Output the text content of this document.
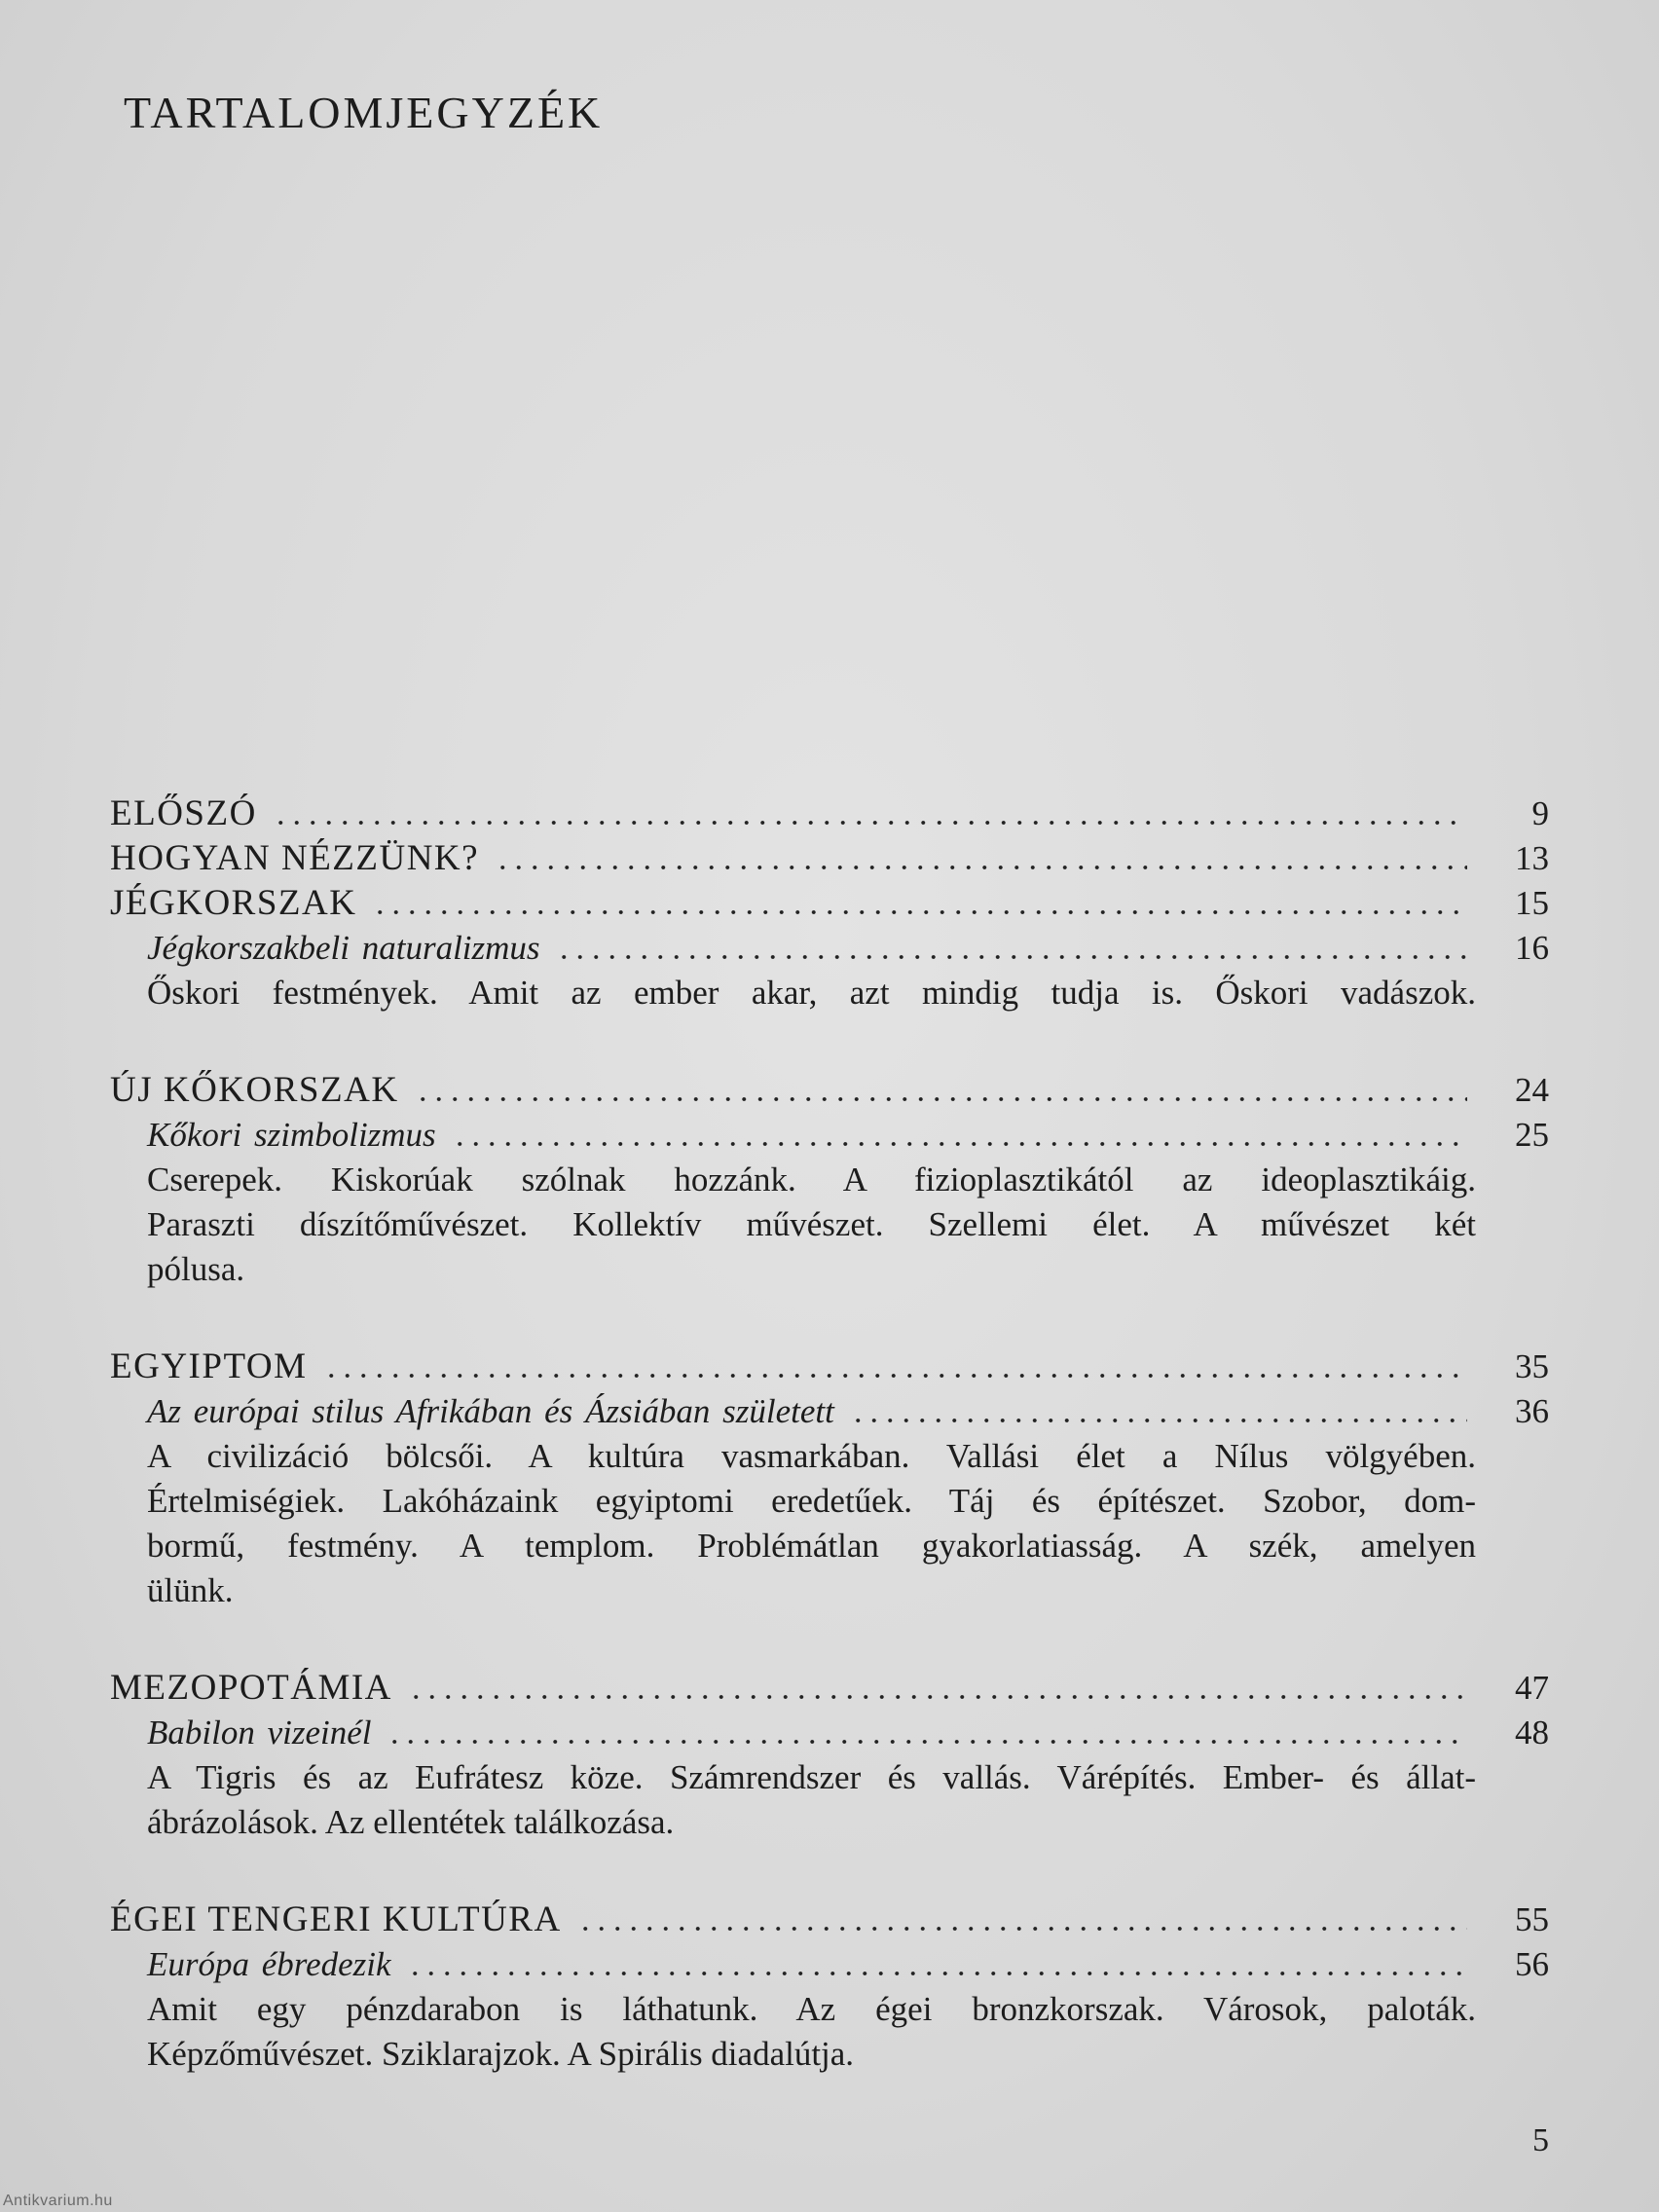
TARTALOMJEGYZÉK
ELŐSZÓ	9
HOGYAN NÉZZÜNK?	13
JÉGKORSZAK	15
Jégkorszakbeli naturalizmus	16
Őskori festmények. Amit az ember akar, azt mindig tudja is. Őskori vadászok.
ÚJ KŐKORSZAK	24
Kőkori szimbolizmus	25
Cserepek. Kiskorúak szólnak hozzánk. A fizioplasztikától az ideoplasztikáig.
Paraszti díszítőművészet. Kollektív művészet. Szellemi élet. A művészet két
pólusa.
EGYIPTOM	35
Az európai stilus Afrikában és Ázsiában született	36
A civilizáció bölcsői. A kultúra vasmarkában. Vallási élet a Nílus völgyében.
Értelmiségiek. Lakóházaink egyiptomi eredetűek. Táj és építészet. Szobor, dom-
bormű, festmény. A templom. Problémátlan gyakorlatiasság. A szék, amelyen
ülünk.
MEZOPOTÁMIA	47
Babilon vizeinél	48
A Tigris és az Eufrátesz köze. Számrendszer és vallás. Várépítés. Ember- és állat-
ábrázolások. Az ellentétek találkozása.
ÉGEI TENGERI KULTÚRA	55
Európa ébredezik	56
Amit egy pénzdarabon is láthatunk. Az égei bronzkorszak. Városok, paloták.
Képzőművészet. Sziklarajzok. A Spirális diadalútja.
5
Antikvarium.hu
